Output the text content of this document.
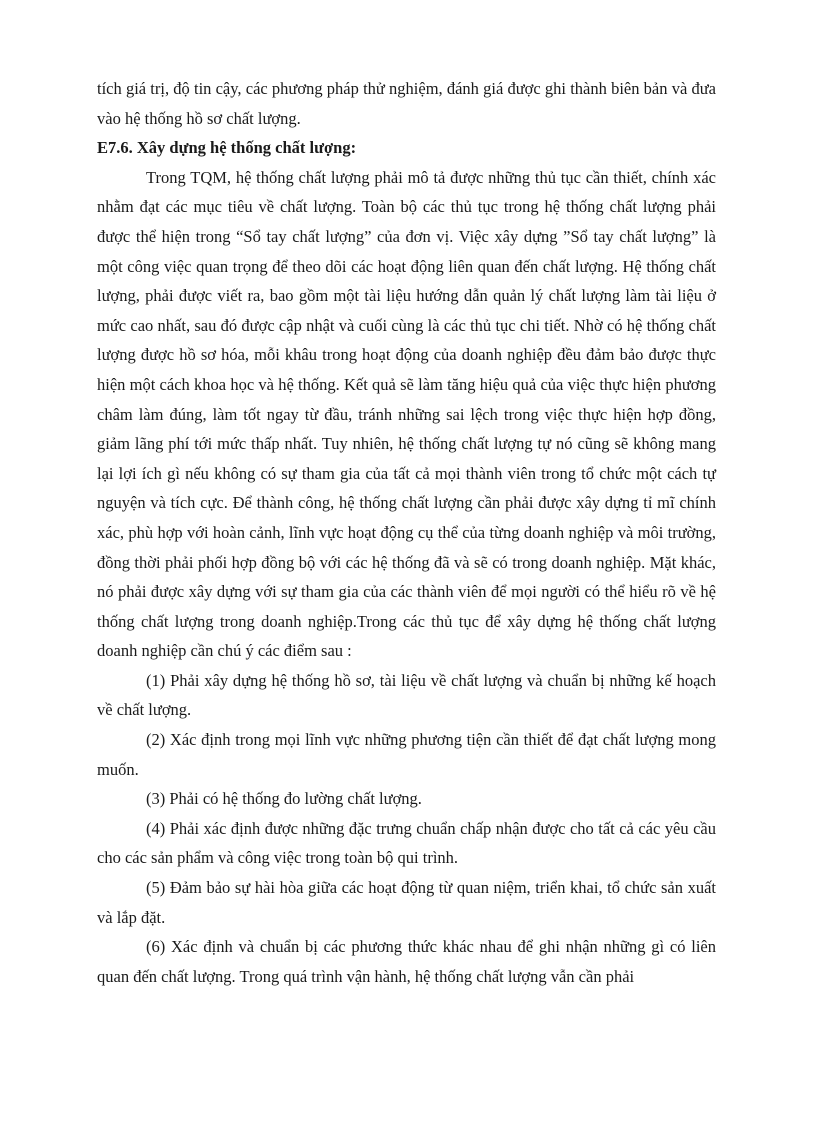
tích giá trị, độ tin cậy, các phương pháp thử nghiệm, đánh giá được ghi thành biên bản và đưa vào hệ thống hồ sơ chất lượng.

E7.6. Xây dựng hệ thống chất lượng:

Trong TQM, hệ thống chất lượng phải mô tả được những thủ tục cần thiết, chính xác nhằm đạt các mục tiêu về chất lượng. Toàn bộ các thủ tục trong hệ thống chất lượng phải được thể hiện trong “Sổ tay chất lượng” của đơn vị. Việc xây dựng ”Sổ tay chất lượng” là một công việc quan trọng để theo dõi các hoạt động liên quan đến chất lượng. Hệ thống chất lượng, phải được viết ra, bao gồm một tài liệu hướng dẫn quản lý chất lượng làm tài liệu ở mức cao nhất, sau đó được cập nhật và cuối cùng là các thủ tục chi tiết. Nhờ có hệ thống chất lượng được hồ sơ hóa, mỗi khâu trong hoạt động của doanh nghiệp đều đảm bảo được thực hiện một cách khoa học và hệ thống. Kết quả sẽ làm tăng hiệu quả của việc thực hiện phương châm làm đúng, làm tốt ngay từ đầu, tránh những sai lệch trong việc thực hiện hợp đồng, giảm lãng phí tới mức thấp nhất. Tuy nhiên, hệ thống chất lượng tự nó cũng sẽ không mang lại lợi ích gì nếu không có sự tham gia của tất cả mọi thành viên trong tổ chức một cách tự nguyện và tích cực. Để thành công, hệ thống chất lượng cần phải được xây dựng tỉ mĩ chính xác, phù hợp với hoàn cảnh, lĩnh vực hoạt động cụ thể của từng doanh nghiệp và môi trường, đồng thời phải phối hợp đồng bộ với các hệ thống đã và sẽ có trong doanh nghiệp. Mặt khác, nó phải được xây dựng với sự tham gia của các thành viên để mọi người có thể hiểu rõ về hệ thống chất lượng trong doanh nghiệp.Trong các thủ tục để xây dựng hệ thống chất lượng doanh nghiệp cần chú ý các điểm sau :

(1) Phải xây dựng hệ thống hồ sơ, tài liệu về chất lượng và chuẩn bị những kế hoạch về chất lượng.

(2) Xác định trong mọi lĩnh vực những phương tiện cần thiết để đạt chất lượng mong muốn.

(3) Phải có hệ thống đo lường chất lượng.

(4) Phải xác định được những đặc trưng chuẩn chấp nhận được cho tất cả các yêu cầu cho các sản phẩm và công việc trong toàn bộ qui trình.

(5) Đảm bảo sự hài hòa giữa các hoạt động từ quan niệm, triển khai, tổ chức sản xuất và lắp đặt.

(6) Xác định và chuẩn bị các phương thức khác nhau để ghi nhận những gì có liên quan đến chất lượng. Trong quá trình vận hành, hệ thống chất lượng vẫn cần phải
